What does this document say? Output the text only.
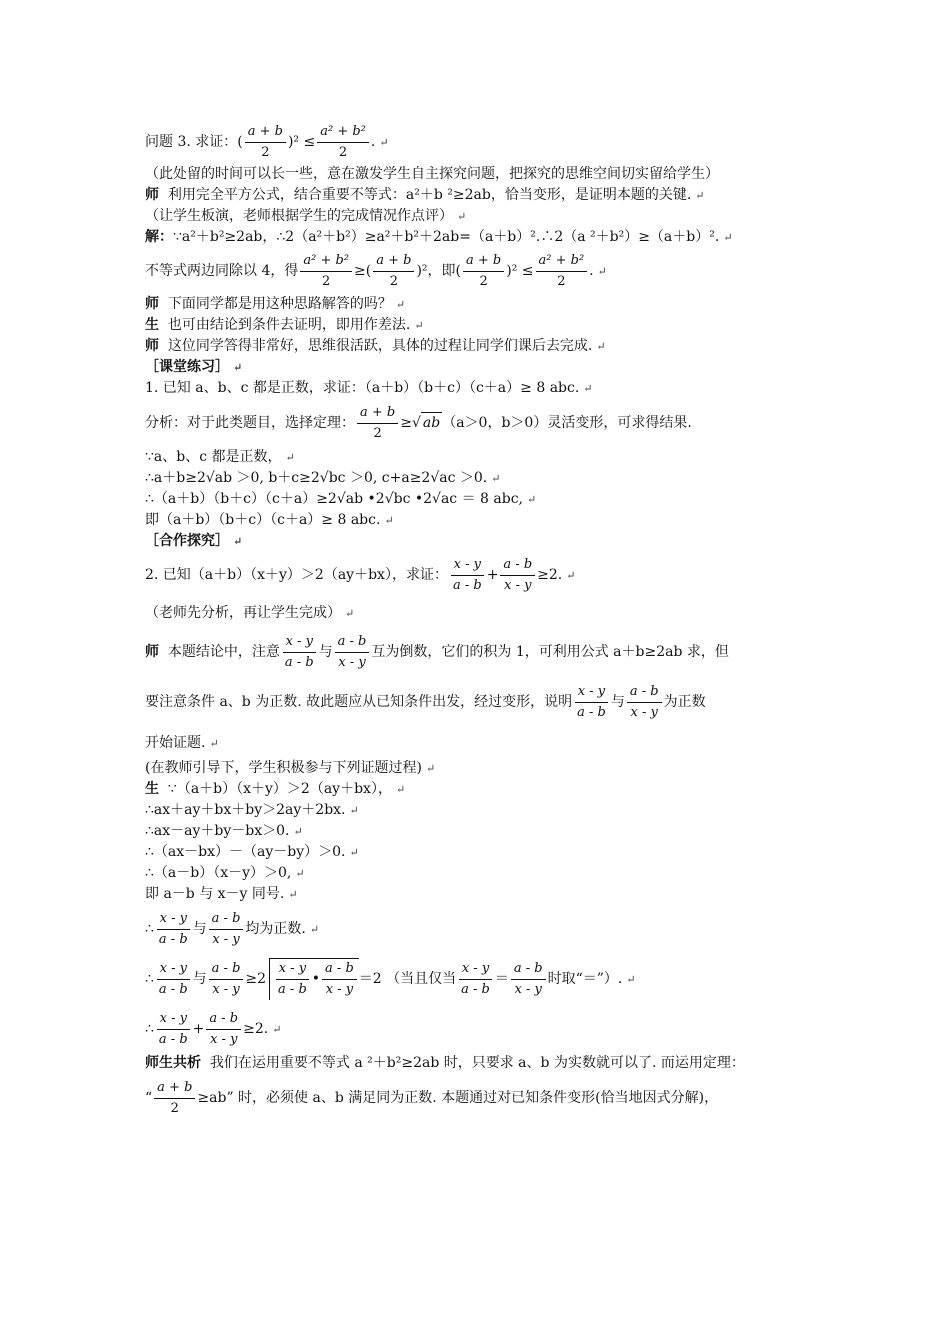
问题 3. 求证： ( $\frac{a + b}{2} )^2 \le \frac{\text{a² + b²}}{2}$ . ↵
（此处留的时间可以长一些，意在激发学生自主探究问题，把探究的思维空间切实留给学生）
师
利用完全平方公式，结合重要不等式：a²＋b ²≥2ab，恰当变形，是证明本题的关键. ↵
（让学生板演，老师根据学生的完成情况作点评） ↵
解： ∵a²＋b²≥2ab，∴2（a²＋b²）≥a²＋b²＋2ab=（a＋b）².∴2（a ²＋b²）≥（a＋b）². ↵
不等式两边同除以 4，得 $\frac{\text{a² + b²}}{2}$ ≥( $\frac{a + b}{2} )^2$ ，即 ( $\frac{a + b}{2} )^2 \le \frac{\text{a² + b²}}{2}$ . ↵
师
下面同学都是用这种思路解答的吗？ ↵
生
也可由结论到条件去证明，即用作差法. ↵
师
这位同学答得非常好，思维很活跃，具体的过程让同学们课后去完成. ↵
［课堂练习］ ↵
1. 已知 a、b、c 都是正数，求证：（a＋b）（b＋c）（c＋a）≥ 8 abc. ↵
分析：对于此类题目，选择定理： $\frac{a + b}{2}$ ≥√ ab （a＞0，b＞0）灵活变形，可求得结果.
∵a、b、c 都是正数， ↵
∴a＋b≥2√ab ＞0, b＋c≥2√bc ＞0, c+a≥2√ac ＞0. ↵
∴（a＋b）（b＋c）（c＋a）≥2√ab •2√bc •2√ac ＝ 8 abc, ↵
即（a＋b）（b＋c）（c＋a）≥ 8 abc. ↵
［合作探究］ ↵
2. 已知（a＋b）（x＋y）＞2（ay＋bx），求证： $\frac{x - y}{a - b} + \frac{a - b}{x - y} \ge 2$. ↵
（老师先分析，再让学生完成） ↵
师
本题结论中，注意 $\frac{x - y}{a - b}$ 与 $\frac{a - b}{x - y}$ 互为倒数，它们的积为 1，可利用公式 a＋b≥2ab 求，但
要注意条件 a、b 为正数. 故此题应从已知条件出发，经过变形，说明 $\frac{x - y}{a - b}$ 与 $\frac{a - b}{x - y}$ 为正数
开始证题. ↵
(在教师引导下，学生积极参与下列证题过程) ↵
生
∵（a＋b）（x＋y）＞2（ay＋bx）， ↵
∴ax＋ay＋bx＋by＞2ay＋2bx. ↵
∴ax－ay＋by－bx＞0. ↵
∴（ax－bx）－（ay－by）＞0. ↵
∴（a－b）（x－y）＞0, ↵
即 a－b 与 x－y 同号. ↵
∴ $\frac{x - y}{a - b}$ 与 $\frac{a - b}{x - y}$ 均为正数. ↵
∴ $\frac{x - y}{a - b}$ 与 $\frac{a - b}{x - y} \ge 2 \frac{x - y}{a - b}$ • $\frac{a - b}{x - y} =2$
（当且仅当 $\frac{x - y}{a - b} = \frac{a - b}{x - y}$ 时取“＝”）. ↵
∴ $\frac{x - y}{a - b} + \frac{a - b}{x - y} \ge 2$. ↵
师生共析
我们在运用重要不等式 a ²＋b²≥2ab 时，只要求 a、b 为实数就可以了. 而运用定理：
“ $\frac{a + b}{2} \ge ab$” 时，必须使 a、b 满足同为正数. 本题通过对已知条件变形(恰当地因式分解)，
